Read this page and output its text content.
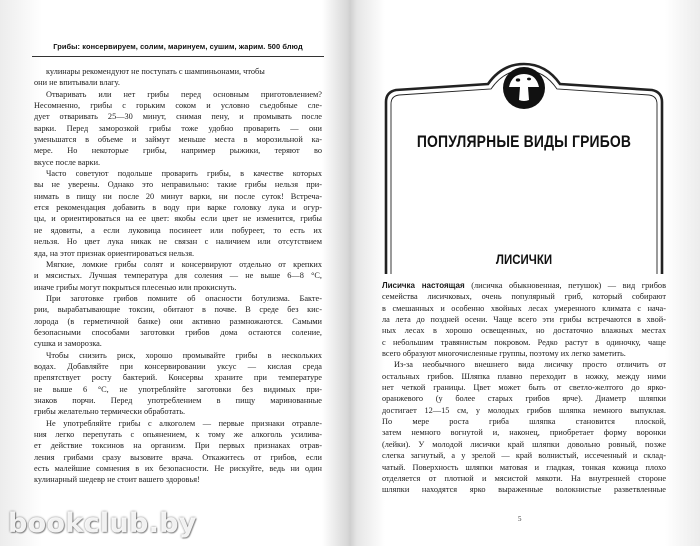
Грибы: консервируем, солим, маринуем, сушим, жарим. 500 блюд
кулинары рекомендуют не поступать с шампиньонами, чтобы
они не впитывали влагу.
Отваривать или нет грибы перед основным приготовлением?
Несомненно, грибы с горьким соком и условно съедобные сле-
дует отваривать 25—30 минут, снимая пену, и промывать после
варки. Перед заморозкой грибы тоже удобно проварить — они
уменьшатся в объеме и займут меньше места в морозильной ка-
мере. Но некоторые грибы, например рыжики, теряют во
вкусе после варки.
Часто советуют подольше проварить грибы, в качестве которых
вы не уверены. Однако это неправильно: такие грибы нельзя при-
нимать в пищу ни после 20 минут варки, ни после суток! Встреча-
ется рекомендация добавить в воду при варке головку лука и огур-
цы, и ориентироваться на ее цвет: якобы если цвет не изменится, грибы
не ядовиты, а если луковица посинеет или побуреет, то есть их
нельзя. Но цвет лука никак не связан с наличием или отсутствием
яда, на этот признак ориентироваться нельзя.
Мягкие, ломкие грибы солят и консервируют отдельно от крепких
и мясистых. Лучшая температура для соления — не выше 6—8 °С,
иначе грибы могут покрыться плесенью или прокиснуть.
При заготовке грибов помните об опасности ботулизма. Бакте-
рии, вырабатывающие токсин, обитают в почве. В среде без кис-
лорода (в герметичной банке) они активно размножаются. Самыми
безопасными способами заготовки грибов дома остаются соление,
сушка и заморозка.
Чтобы снизить риск, хорошо промывайте грибы в нескольких
водах. Добавляйте при консервировании уксус — кислая среда
препятствует росту бактерий. Консервы храните при температуре
не выше 6 °С, не употребляйте заготовки без видимых при-
знаков порчи. Перед употреблением в пищу маринованные
грибы желательно термически обработать.
Не употребляйте грибы с алкоголем — первые признаки отравле-
ния легко перепутать с опьянением, к тому же алкоголь усилива-
ет действие токсинов на организм. При первых признаках отрав-
ления грибами сразу вызовите врача. Откажитесь от грибов, если
есть малейшие сомнения в их безопасности. Не рискуйте, ведь ни один
кулинарный шедевр не стоит вашего здоровья!
ПОПУЛЯРНЫЕ ВИДЫ ГРИБОВ
ЛИСИЧКИ
Лисичка настоящая (лисичка обыкновенная, петушок) — вид грибов
семейства лисичковых, очень популярный гриб, который собирают
в смешанных и особенно хвойных лесах умеренного климата с нача-
ла лета до поздней осени. Чаще всего эти грибы встречаются в хвой-
ных лесах в хорошо освещенных, но достаточно влажных местах
с небольшим травянистым покровом. Редко растут в одиночку, чаще
всего образуют многочисленные группы, поэтому их легко заметить.
Из-за необычного внешнего вида лисичку просто отличить от
остальных грибов. Шляпка плавно переходит в ножку, между ними
нет четкой границы. Цвет может быть от светло-желтого до ярко-
оранжевого (у более старых грибов ярче). Диаметр шляпки
достигает 12—15 см, у молодых грибов шляпка немного выпуклая.
По мере роста гриба шляпка становится плоской,
затем немного вогнутой и, наконец, приобретает форму воронки
(лейки). У молодой лисички край шляпки довольно ровный, позже
слегка загнутый, а у зрелой — край волнистый, иссеченный и склад-
чатый. Поверхность шляпки матовая и гладкая, тонкая кожица плохо
отделяется от плотной и мясистой мякоти. На внутренней стороне
шляпки находятся ярко выраженные волокнистые разветвленные
5
bookclub.by
